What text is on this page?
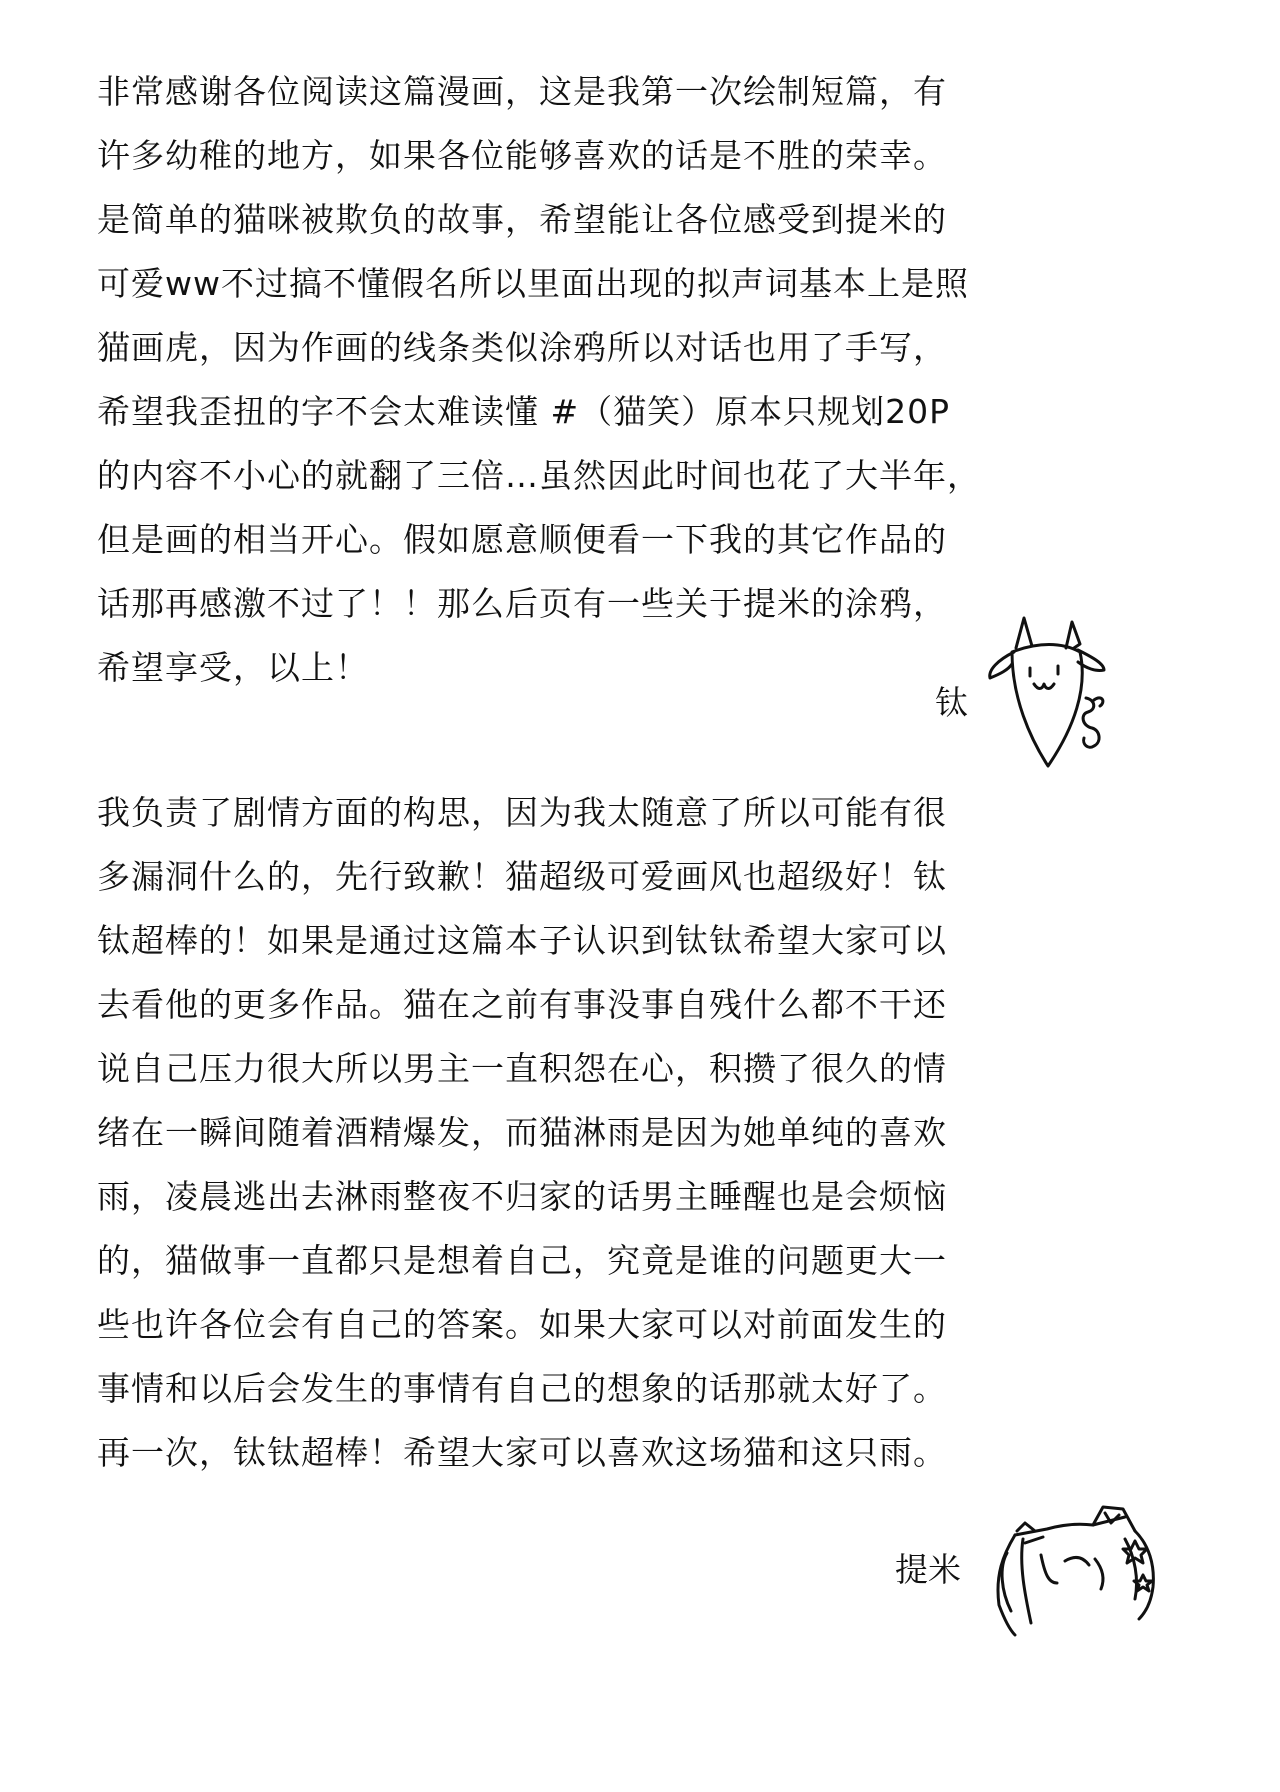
非常感谢各位阅读这篇漫画，这是我第一次绘制短篇，有
许多幼稚的地方，如果各位能够喜欢的话是不胜的荣幸。
是简单的猫咪被欺负的故事，希望能让各位感受到提米的
可爱ww不过搞不懂假名所以里面出现的拟声词基本上是照
猫画虎，因为作画的线条类似涂鸦所以对话也用了手写，
希望我歪扭的字不会太难读懂 #（猫笑）原本只规划20P
的内容不小心的就翻了三倍…虽然因此时间也花了大半年，
但是画的相当开心。假如愿意顺便看一下我的其它作品的
话那再感激不过了！！那么后页有一些关于提米的涂鸦，
希望享受，以上！
钛
我负责了剧情方面的构思，因为我太随意了所以可能有很
多漏洞什么的，先行致歉！猫超级可爱画风也超级好！钛
钛超棒的！如果是通过这篇本子认识到钛钛希望大家可以
去看他的更多作品。猫在之前有事没事自残什么都不干还
说自己压力很大所以男主一直积怨在心，积攒了很久的情
绪在一瞬间随着酒精爆发，而猫淋雨是因为她单纯的喜欢
雨，凌晨逃出去淋雨整夜不归家的话男主睡醒也是会烦恼
的，猫做事一直都只是想着自己，究竟是谁的问题更大一
些也许各位会有自己的答案。如果大家可以对前面发生的
事情和以后会发生的事情有自己的想象的话那就太好了。
再一次，钛钛超棒！希望大家可以喜欢这场猫和这只雨。
提米
